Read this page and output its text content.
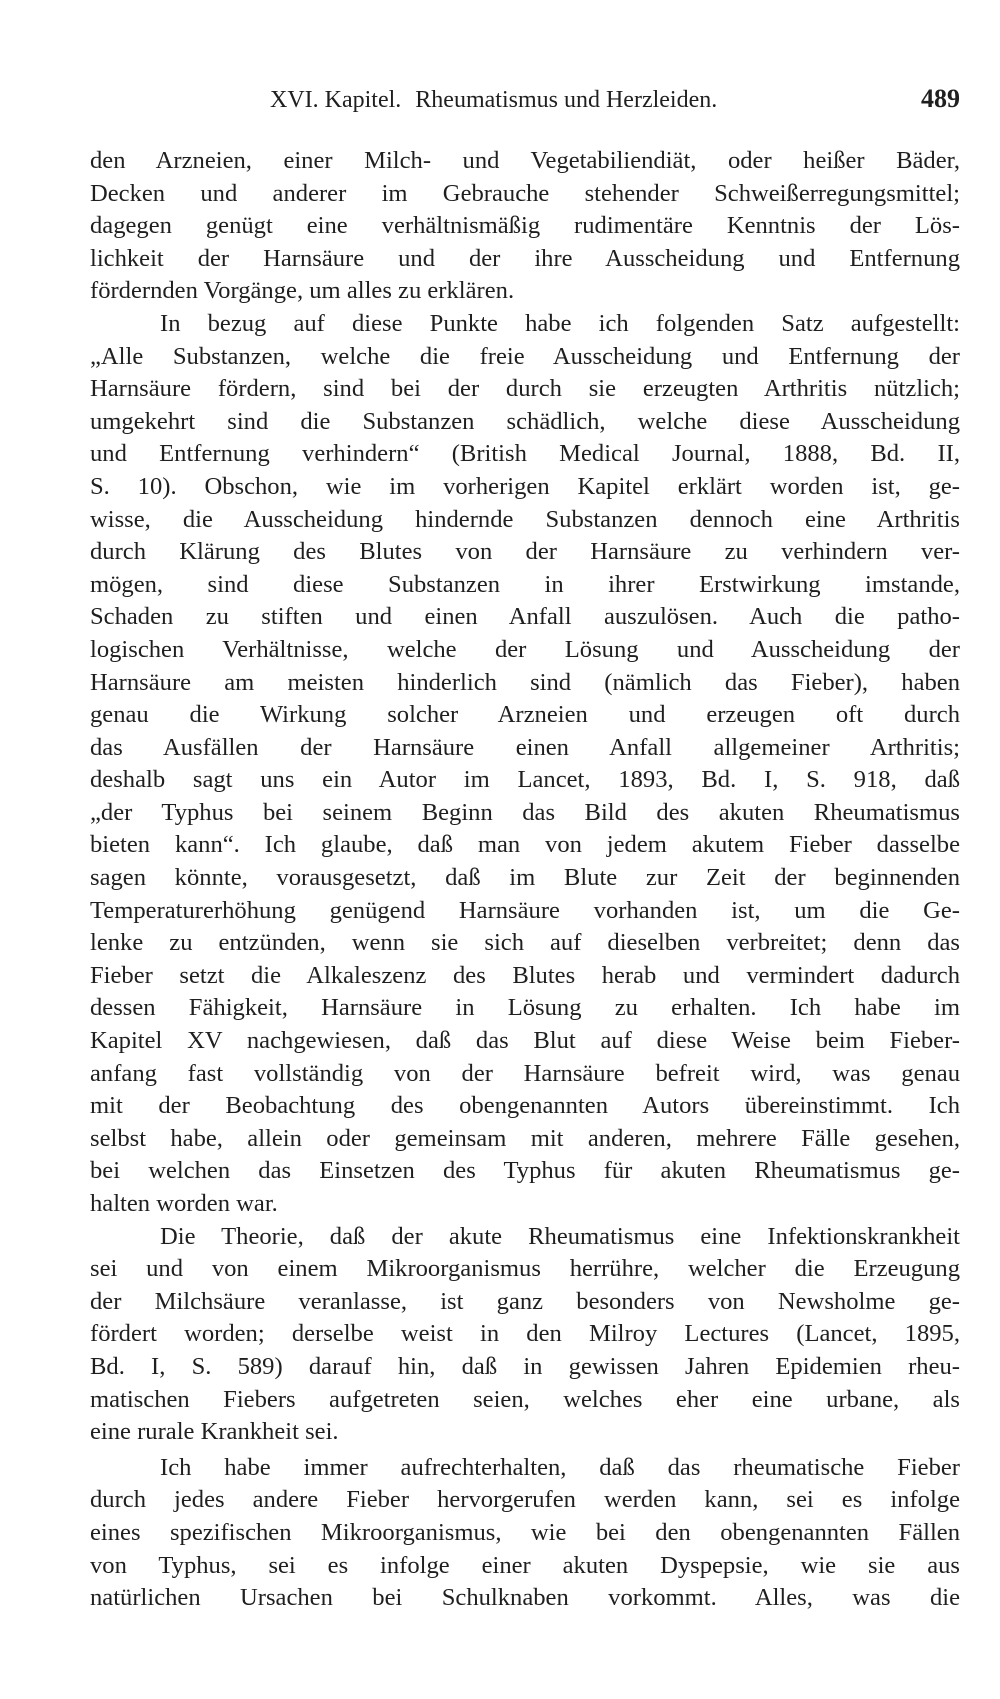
XVI. Kapitel. Rheumatismus und Herzleiden.	489
den Arzneien, einer Milch- und Vegetabiliendiät, oder heißer Bäder,
Decken und anderer im Gebrauche stehender Schweißerregungsmittel;
dagegen genügt eine verhältnismäßig rudimentäre Kenntnis der Lös-
lichkeit der Harnsäure und der ihre Ausscheidung und Entfernung
fördernden Vorgänge, um alles zu erklären.
In bezug auf diese Punkte habe ich folgenden Satz aufgestellt:
„Alle Substanzen, welche die freie Ausscheidung und Entfernung der
Harnsäure fördern, sind bei der durch sie erzeugten Arthritis nützlich;
umgekehrt sind die Substanzen schädlich, welche diese Ausscheidung
und Entfernung verhindern“ (British Medical Journal, 1888, Bd. II,
S. 10). Obschon, wie im vorherigen Kapitel erklärt worden ist, ge-
wisse, die Ausscheidung hindernde Substanzen dennoch eine Arthritis
durch Klärung des Blutes von der Harnsäure zu verhindern ver-
mögen, sind diese Substanzen in ihrer Erstwirkung imstande,
Schaden zu stiften und einen Anfall auszulösen. Auch die patho-
logischen Verhältnisse, welche der Lösung und Ausscheidung der
Harnsäure am meisten hinderlich sind (nämlich das Fieber), haben
genau die Wirkung solcher Arzneien und erzeugen oft durch
das Ausfällen der Harnsäure einen Anfall allgemeiner Arthritis;
deshalb sagt uns ein Autor im Lancet, 1893, Bd. I, S. 918, daß
„der Typhus bei seinem Beginn das Bild des akuten Rheumatismus
bieten kann“. Ich glaube, daß man von jedem akutem Fieber dasselbe
sagen könnte, vorausgesetzt, daß im Blute zur Zeit der beginnenden
Temperaturerhöhung genügend Harnsäure vorhanden ist, um die Ge-
lenke zu entzünden, wenn sie sich auf dieselben verbreitet; denn das
Fieber setzt die Alkaleszenz des Blutes herab und vermindert dadurch
dessen Fähigkeit, Harnsäure in Lösung zu erhalten. Ich habe im
Kapitel XV nachgewiesen, daß das Blut auf diese Weise beim Fieber-
anfang fast vollständig von der Harnsäure befreit wird, was genau
mit der Beobachtung des obengenannten Autors übereinstimmt. Ich
selbst habe, allein oder gemeinsam mit anderen, mehrere Fälle gesehen,
bei welchen das Einsetzen des Typhus für akuten Rheumatismus ge-
halten worden war.
Die Theorie, daß der akute Rheumatismus eine Infektionskrankheit
sei und von einem Mikroorganismus herrühre, welcher die Erzeugung
der Milchsäure veranlasse, ist ganz besonders von Newsholme ge-
fördert worden; derselbe weist in den Milroy Lectures (Lancet, 1895,
Bd. I, S. 589) darauf hin, daß in gewissen Jahren Epidemien rheu-
matischen Fiebers aufgetreten seien, welches eher eine urbane, als
eine rurale Krankheit sei.
Ich habe immer aufrechterhalten, daß das rheumatische Fieber
durch jedes andere Fieber hervorgerufen werden kann, sei es infolge
eines spezifischen Mikroorganismus, wie bei den obengenannten Fällen
von Typhus, sei es infolge einer akuten Dyspepsie, wie sie aus
natürlichen Ursachen bei Schulknaben vorkommt. Alles, was die
